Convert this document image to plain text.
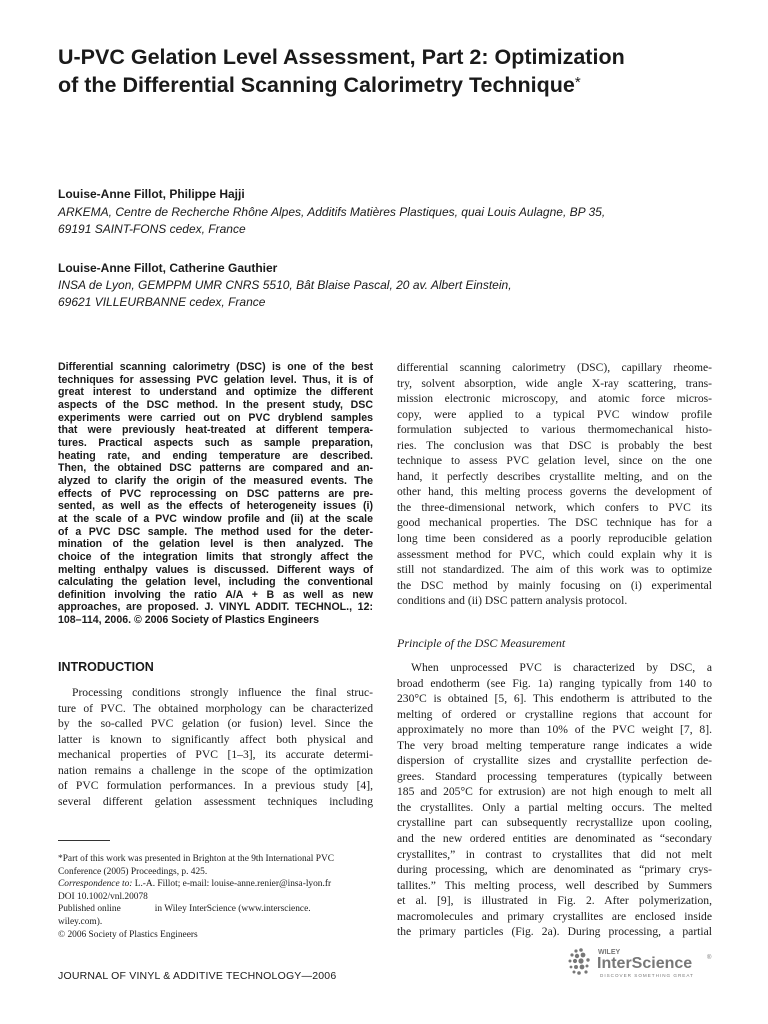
U-PVC Gelation Level Assessment, Part 2: Optimization
of the Differential Scanning Calorimetry Technique*
Louise-Anne Fillot, Philippe Hajji
ARKEMA, Centre de Recherche Rhône Alpes, Additifs Matières Plastiques, quai Louis Aulagne, BP 35,
69191 SAINT-FONS cedex, France
Louise-Anne Fillot, Catherine Gauthier
INSA de Lyon, GEMPPM UMR CNRS 5510, Bât Blaise Pascal, 20 av. Albert Einstein,
69621 VILLEURBANNE cedex, France
Differential scanning calorimetry (DSC) is one of the best
techniques for assessing PVC gelation level. Thus, it is of
great interest to understand and optimize the different
aspects of the DSC method. In the present study, DSC
experiments were carried out on PVC dryblend samples
that were previously heat-treated at different tempera-
tures. Practical aspects such as sample preparation,
heating rate, and ending temperature are described.
Then, the obtained DSC patterns are compared and an-
alyzed to clarify the origin of the measured events. The
effects of PVC reprocessing on DSC patterns are pre-
sented, as well as the effects of heterogeneity issues (i)
at the scale of a PVC window profile and (ii) at the scale
of a PVC DSC sample. The method used for the deter-
mination of the gelation level is then analyzed. The
choice of the integration limits that strongly affect the
melting enthalpy values is discussed. Different ways of
calculating the gelation level, including the conventional
definition involving the ratio A/A + B as well as new
approaches, are proposed. J. VINYL ADDIT. TECHNOL., 12:
108–114, 2006. © 2006 Society of Plastics Engineers
INTRODUCTION
Processing conditions strongly influence the final struc-
ture of PVC. The obtained morphology can be characterized
by the so-called PVC gelation (or fusion) level. Since the
latter is known to significantly affect both physical and
mechanical properties of PVC [1–3], its accurate determi-
nation remains a challenge in the scope of the optimization
of PVC formulation performances. In a previous study [4],
several different gelation assessment techniques including
differential scanning calorimetry (DSC), capillary rheome-
try, solvent absorption, wide angle X-ray scattering, trans-
mission electronic microscopy, and atomic force micros-
copy, were applied to a typical PVC window profile
formulation subjected to various thermomechanical histo-
ries. The conclusion was that DSC is probably the best
technique to assess PVC gelation level, since on the one
hand, it perfectly describes crystallite melting, and on the
other hand, this melting process governs the development of
the three-dimensional network, which confers to PVC its
good mechanical properties. The DSC technique has for a
long time been considered as a poorly reproducible gelation
assessment method for PVC, which could explain why it is
still not standardized. The aim of this work was to optimize
the DSC method by mainly focusing on (i) experimental
conditions and (ii) DSC pattern analysis protocol.
Principle of the DSC Measurement
When unprocessed PVC is characterized by DSC, a
broad endotherm (see Fig. 1a) ranging typically from 140 to
230°C is obtained [5, 6]. This endotherm is attributed to the
melting of ordered or crystalline regions that account for
approximately no more than 10% of the PVC weight [7, 8].
The very broad melting temperature range indicates a wide
dispersion of crystallite sizes and crystallite perfection de-
grees. Standard processing temperatures (typically between
185 and 205°C for extrusion) are not high enough to melt all
the crystallites. Only a partial melting occurs. The melted
crystalline part can subsequently recrystallize upon cooling,
and the new ordered entities are denominated as “secondary
crystallites,” in contrast to crystallites that did not melt
during processing, which are denominated as “primary crys-
tallites.” This melting process, well described by Summers
et al. [9], is illustrated in Fig. 2. After polymerization,
macromolecules and primary crystallites are enclosed inside
the primary particles (Fig. 2a). During processing, a partial
*Part of this work was presented in Brighton at the 9th International PVC
Conference (2005) Proceedings, p. 425.
Correspondence to: L.-A. Fillot; e-mail: louise-anne.renier@insa-lyon.fr
DOI 10.1002/vnl.20078
Published online	in Wiley InterScience (www.interscience.
wiley.com).
© 2006 Society of Plastics Engineers
JOURNAL OF VINYL & ADDITIVE TECHNOLOGY—2006
WILEY
InterScience ®
DISCOVER SOMETHING GREAT
